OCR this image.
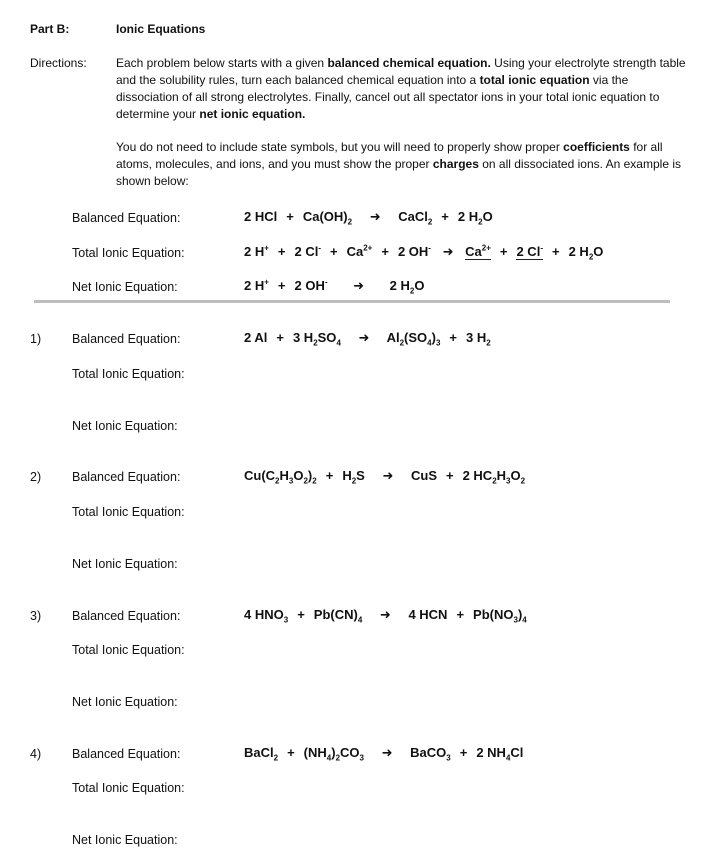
Part B:	Ionic Equations
Directions: Each problem below starts with a given balanced chemical equation. Using your electrolyte strength table and the solubility rules, turn each balanced chemical equation into a total ionic equation via the dissociation of all strong electrolytes. Finally, cancel out all spectator ions in your total ionic equation to determine your net ionic equation.

You do not need to include state symbols, but you will need to properly show proper coefficients for all atoms, molecules, and ions, and you must show the proper charges on all dissociated ions. An example is shown below:

Balanced Equation:	2 HCl + $Ca(OH)_2$ ➜ CaCl$_2$ + 2 $H_2O$
Total Ionic Equation:	2 H+ + 2 $Cl^- + Ca^{2+} + 2$ OH- ➜ $Ca^{2+} + 2$ Cl- + 2 $H_2O$
Net Ionic Equation:	2 H+ + 2 OH- ➜ 2 $H_2O$
1) Balanced Equation:	2 Al + 3 $H_2SO_4$ ➜ $Al_2(SO_4)_3 + 3$ $H_2$
Total Ionic Equation:
Net Ionic Equation:
2) Balanced Equation:	$Cu(C_2H_3O_2)_2 + H_2S$ ➜ CuS + 2 $HC_2H_3O_2$
Total Ionic Equation:
Net Ionic Equation:
3) Balanced Equation:	4 $HNO_3 + Pb(CN)_4$ ➜ 4 HCN + $Pb(NO_3)_4$
Total Ionic Equation:
Net Ionic Equation:
4) Balanced Equation:	BaCl$_2$ + $(NH_4)_2CO_3$ ➜ BaCO$_3$ + 2 $NH_4Cl$
Total Ionic Equation:
Net Ionic Equation:
